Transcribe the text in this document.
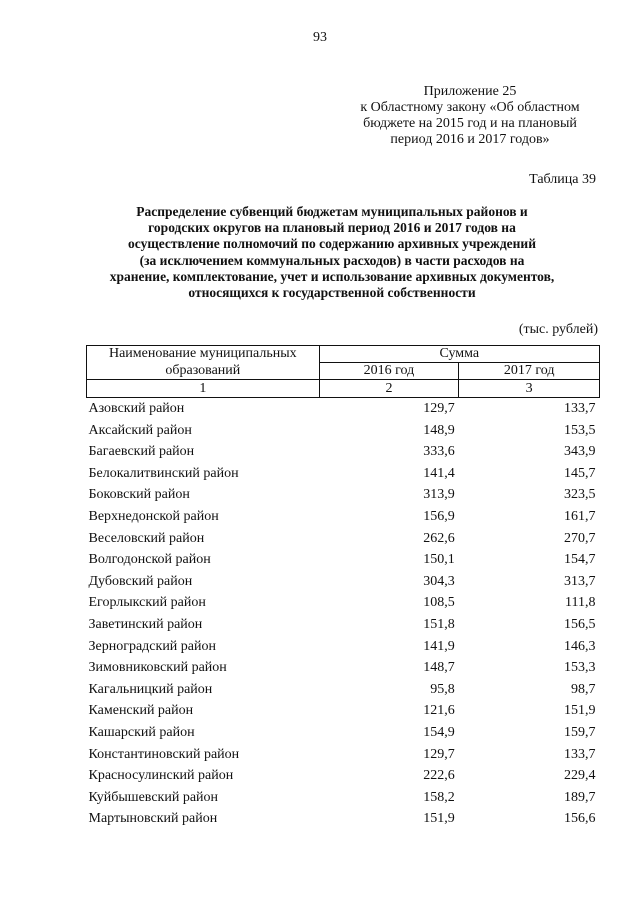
93
Приложение 25
к Областному закону «Об областном
бюджете на 2015 год и на плановый
период 2016 и 2017 годов»
Таблица 39
Распределение субвенций бюджетам муниципальных районов и
городских округов на плановый период 2016 и 2017 годов на
осуществление полномочий по содержанию архивных учреждений
(за исключением коммунальных расходов) в части расходов на
хранение, комплектование, учет и использование архивных документов,
относящихся к государственной собственности
(тыс. рублей)
Наименование муниципальных образований	Сумма	
	2016 год	2017 год
1	2	3
Азовский район	129,7	133,7
Аксайский район	148,9	153,5
Багаевский район	333,6	343,9
Белокалитвинский район	141,4	145,7
Боковский район	313,9	323,5
Верхнедонской район	156,9	161,7
Веселовский район	262,6	270,7
Волгодонской район	150,1	154,7
Дубовский район	304,3	313,7
Егорлыкский район	108,5	111,8
Заветинский район	151,8	156,5
Зерноградский район	141,9	146,3
Зимовниковский район	148,7	153,3
Кагальницкий район	95,8	98,7
Каменский район	121,6	151,9
Кашарский район	154,9	159,7
Константиновский район	129,7	133,7
Красносулинский район	222,6	229,4
Куйбышевский район	158,2	189,7
Мартыновский район	151,9	156,6
